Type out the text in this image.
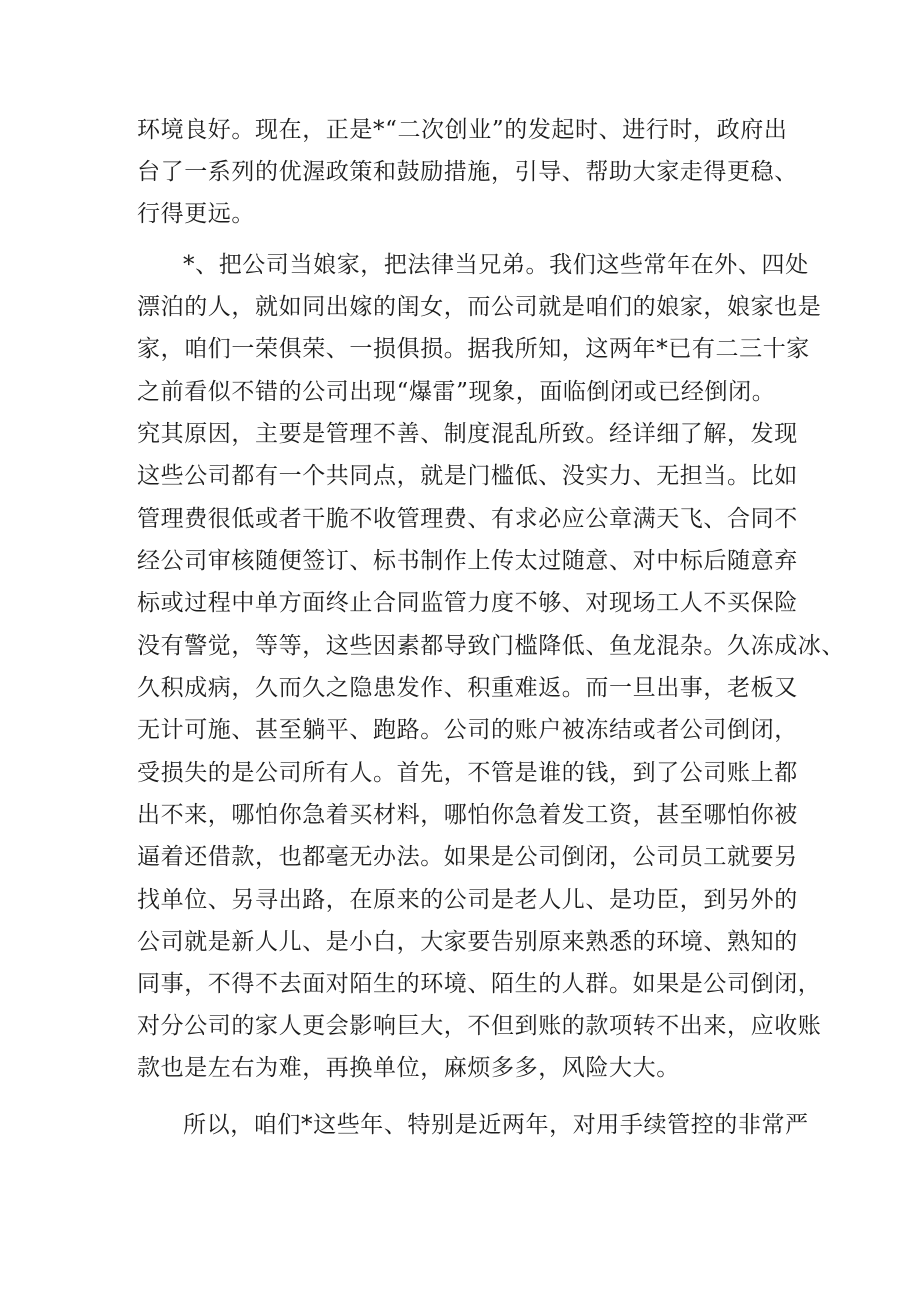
环境良好。现在，正是*“二次创业”的发起时、进行时，政府出
台了一系列的优渥政策和鼓励措施，引导、帮助大家走得更稳、
行得更远。
*、把公司当娘家，把法律当兄弟。我们这些常年在外、四处
漂泊的人，就如同出嫁的闺女，而公司就是咱们的娘家，娘家也是
家，咱们一荣俱荣、一损俱损。据我所知，这两年*已有二三十家
之前看似不错的公司出现“爆雷”现象，面临倒闭或已经倒闭。
究其原因，主要是管理不善、制度混乱所致。经详细了解，发现
这些公司都有一个共同点，就是门槛低、没实力、无担当。比如
管理费很低或者干脆不收管理费、有求必应公章满天飞、合同不
经公司审核随便签订、标书制作上传太过随意、对中标后随意弃
标或过程中单方面终止合同监管力度不够、对现场工人不买保险
没有警觉，等等，这些因素都导致门槛降低、鱼龙混杂。久冻成冰、
久积成病，久而久之隐患发作、积重难返。而一旦出事，老板又
无计可施、甚至躺平、跑路。公司的账户被冻结或者公司倒闭，
受损失的是公司所有人。首先，不管是谁的钱，到了公司账上都
出不来，哪怕你急着买材料，哪怕你急着发工资，甚至哪怕你被
逼着还借款，也都毫无办法。如果是公司倒闭，公司员工就要另
找单位、另寻出路，在原来的公司是老人儿、是功臣，到另外的
公司就是新人儿、是小白，大家要告别原来熟悉的环境、熟知的
同事，不得不去面对陌生的环境、陌生的人群。如果是公司倒闭，
对分公司的家人更会影响巨大，不但到账的款项转不出来，应收账
款也是左右为难，再换单位，麻烦多多，风险大大。
所以，咱们*这些年、特别是近两年，对用手续管控的非常严
